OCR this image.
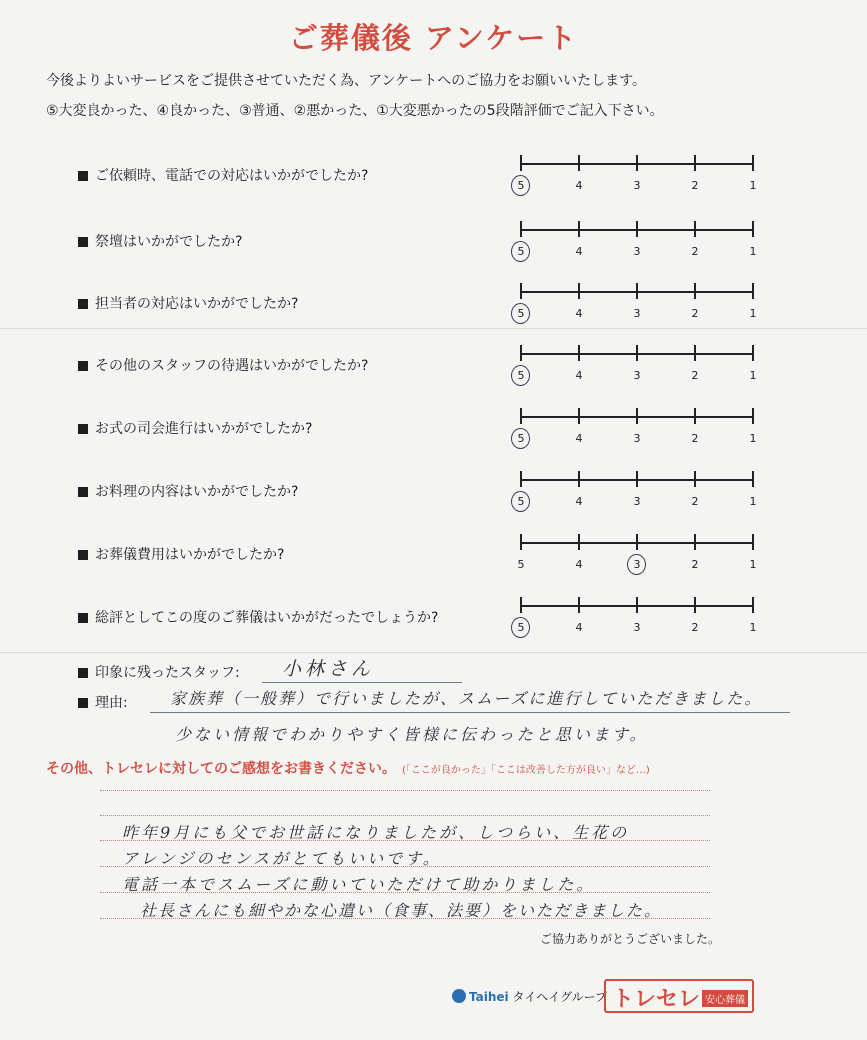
ご葬儀後 アンケート
今後よりよいサービスをご提供させていただく為、アンケートへのご協力をお願いいたします。
⑤大変良かった、④良かった、③普通、②悪かった、①大変悪かったの5段階評価でご記入下さい。
ご依頼時、電話での対応はいかがでしたか?
5	4	3	2	1
祭壇はいかがでしたか?
5	4	3	2	1
担当者の対応はいかがでしたか?
5	4	3	2	1
その他のスタッフの待遇はいかがでしたか?
5	4	3	2	1
お式の司会進行はいかがでしたか?
5	4	3	2	1
お料理の内容はいかがでしたか?
5	4	3	2	1
お葬儀費用はいかがでしたか?
5	4	3	2	1
総評としてこの度のご葬儀はいかがだったでしょうか?
5	4	3	2	1
印象に残ったスタッフ: 小林さん
理由:	家族葬（一般葬）で行いましたが、スムーズに進行していただきました。
少ない情報でわかりやすく皆様に伝わったと思います。
その他、トレセレに対してのご感想をお書きください。 (「ここが良かった」「ここは改善した方が良い」など…)
昨年9月にも父でお世話になりましたが、しつらい、生花の
アレンジのセンスがとてもいいです。
電話一本でスムーズに動いていただけて助かりました。
社長さんにも細やかな心遣い（食事、法要）をいただきました。
ご協力ありがとうございました。
Taihei タイヘイグループ トレセレ 安心葬儀
